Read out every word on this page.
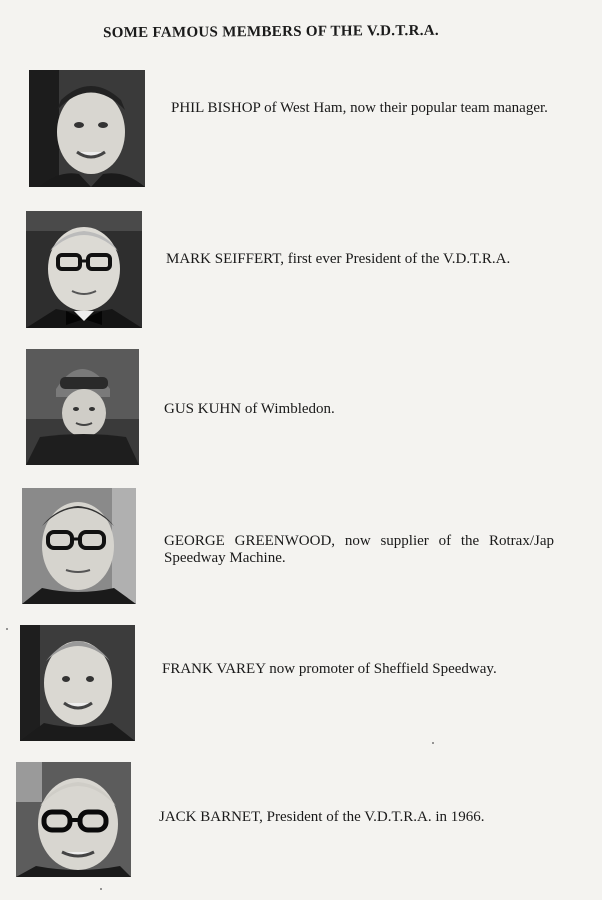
SOME FAMOUS MEMBERS OF THE V.D.T.R.A.
PHIL BISHOP of West Ham, now their popular team manager.
MARK SEIFFERT, first ever President of the V.D.T.R.A.
GUS KUHN of Wimbledon.
GEORGE GREENWOOD, now supplier of the Rotrax/Jap Speedway Machine.
FRANK VAREY now promoter of Sheffield Speedway.
JACK BARNET, President of the V.D.T.R.A. in 1966.
